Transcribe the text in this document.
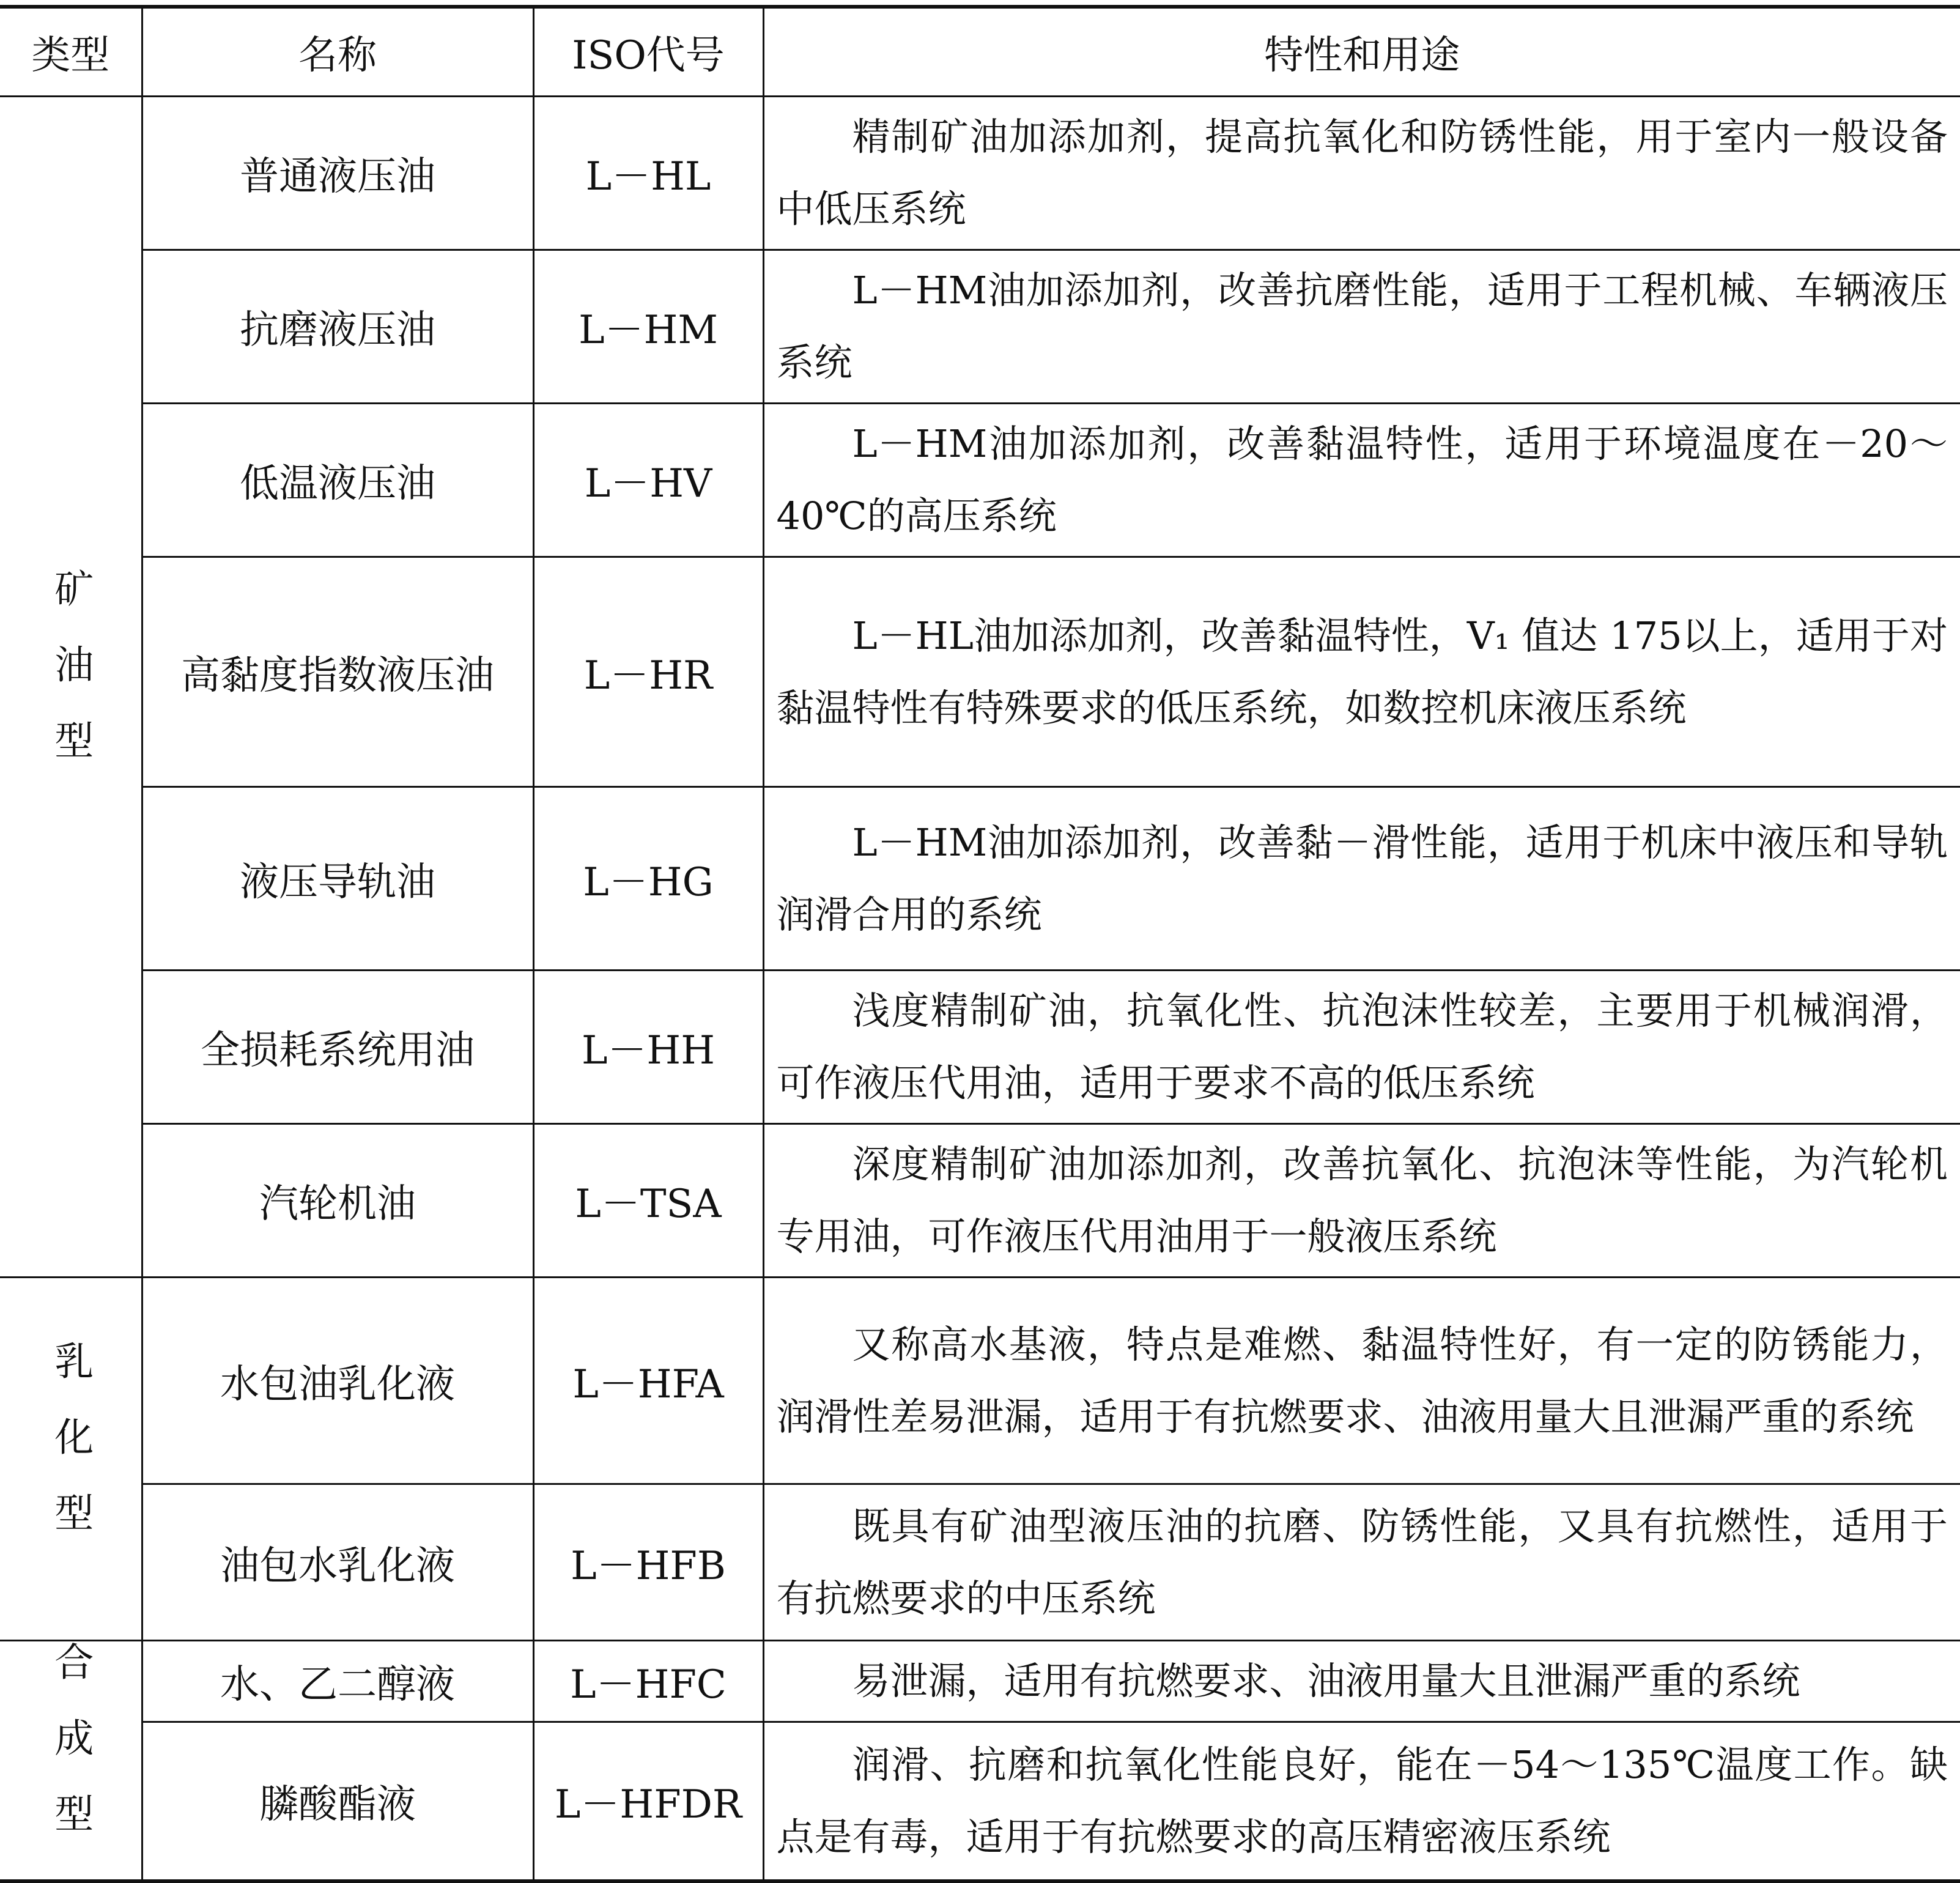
类型	名称	ISO代号	特性和用途
矿油型	普通液压油	L－HL	精制矿油加添加剂，提高抗氧化和防锈性能，用于室内一般设备中低压系统
	抗磨液压油	L－HM	L－HM油加添加剂，改善抗磨性能，适用于工程机械、车辆液压系统
	低温液压油	L－HV	L－HM油加添加剂，改善黏温特性，适用于环境温度在－20～40℃的高压系统
	高黏度指数液压油	L－HR	L－HL油加添加剂，改善黏温特性，V₁ 值达 175以上，适用于对黏温特性有特殊要求的低压系统，如数控机床液压系统
	液压导轨油	L－HG	L－HM油加添加剂，改善黏－滑性能，适用于机床中液压和导轨润滑合用的系统
	全损耗系统用油	L－HH	浅度精制矿油，抗氧化性、抗泡沫性较差，主要用于机械润滑，可作液压代用油，适用于要求不高的低压系统
	汽轮机油	L－TSA	深度精制矿油加添加剂，改善抗氧化、抗泡沫等性能，为汽轮机专用油，可作液压代用油用于一般液压系统
乳化型	水包油乳化液	L－HFA	又称高水基液，特点是难燃、黏温特性好，有一定的防锈能力，润滑性差易泄漏，适用于有抗燃要求、油液用量大且泄漏严重的系统
	油包水乳化液	L－HFB	既具有矿油型液压油的抗磨、防锈性能，又具有抗燃性，适用于有抗燃要求的中压系统
合成型	水、乙二醇液	L－HFC	易泄漏，适用有抗燃要求、油液用量大且泄漏严重的系统
	膦酸酯液	L－HFDR	润滑、抗磨和抗氧化性能良好，能在－54～135℃温度工作。缺点是有毒，适用于有抗燃要求的高压精密液压系统
